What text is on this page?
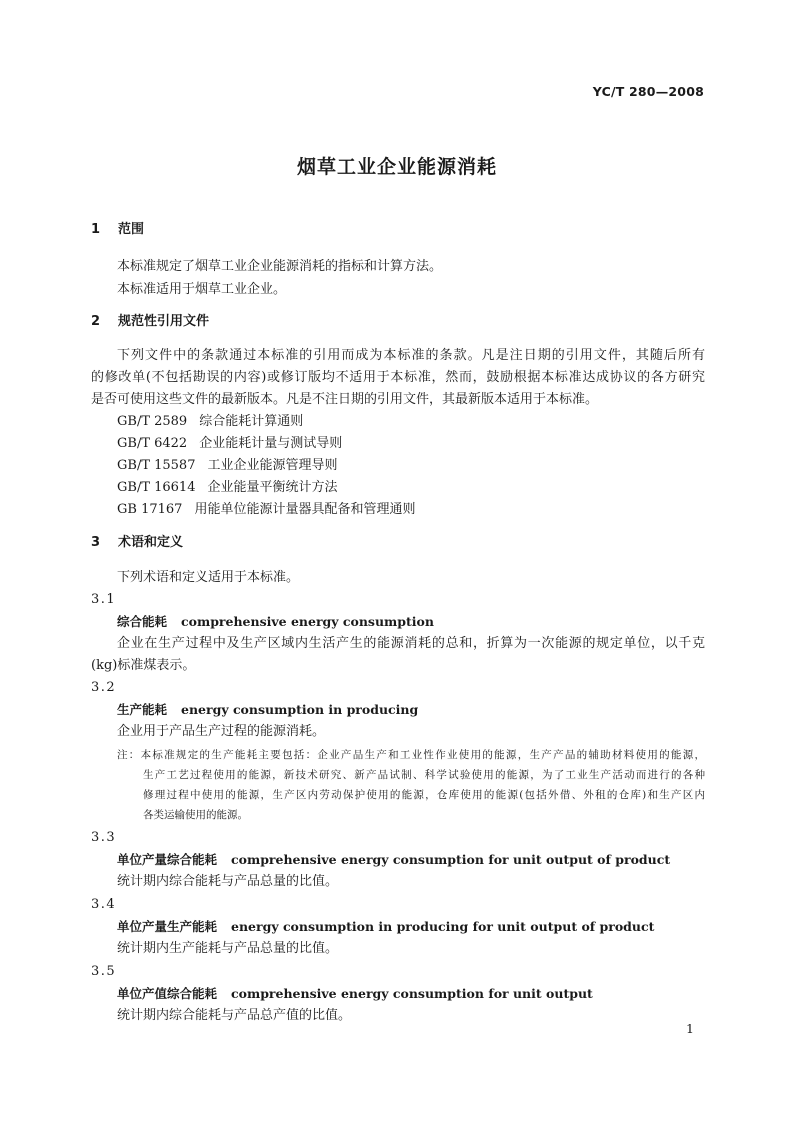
YC/T 280—2008
烟草工业企业能源消耗
1 范围
本标准规定了烟草工业企业能源消耗的指标和计算方法。
本标准适用于烟草工业企业。
2 规范性引用文件
下列文件中的条款通过本标准的引用而成为本标准的条款。凡是注日期的引用文件，其随后所有
的修改单(不包括勘误的内容)或修订版均不适用于本标准，然而，鼓励根据本标准达成协议的各方研究
是否可使用这些文件的最新版本。凡是不注日期的引用文件，其最新版本适用于本标准。
GB/T 2589 综合能耗计算通则
GB/T 6422 企业能耗计量与测试导则
GB/T 15587 工业企业能源管理导则
GB/T 16614 企业能量平衡统计方法
GB 17167 用能单位能源计量器具配备和管理通则
3 术语和定义
下列术语和定义适用于本标准。
3.1
综合能耗 comprehensive energy consumption
企业在生产过程中及生产区域内生活产生的能源消耗的总和，折算为一次能源的规定单位，以千克
(kg)标准煤表示。
3.2
生产能耗 energy consumption in producing
企业用于产品生产过程的能源消耗。
注：本标准规定的生产能耗主要包括：企业产品生产和工业性作业使用的能源，生产产品的辅助材料使用的能源，
生产工艺过程使用的能源，新技术研究、新产品试制、科学试验使用的能源，为了工业生产活动而进行的各种
修理过程中使用的能源，生产区内劳动保护使用的能源，仓库使用的能源(包括外借、外租的仓库)和生产区内
各类运输使用的能源。
3.3
单位产量综合能耗 comprehensive energy consumption for unit output of product
统计期内综合能耗与产品总量的比值。
3.4
单位产量生产能耗 energy consumption in producing for unit output of product
统计期内生产能耗与产品总量的比值。
3.5
单位产值综合能耗 comprehensive energy consumption for unit output
统计期内综合能耗与产品总产值的比值。
1
